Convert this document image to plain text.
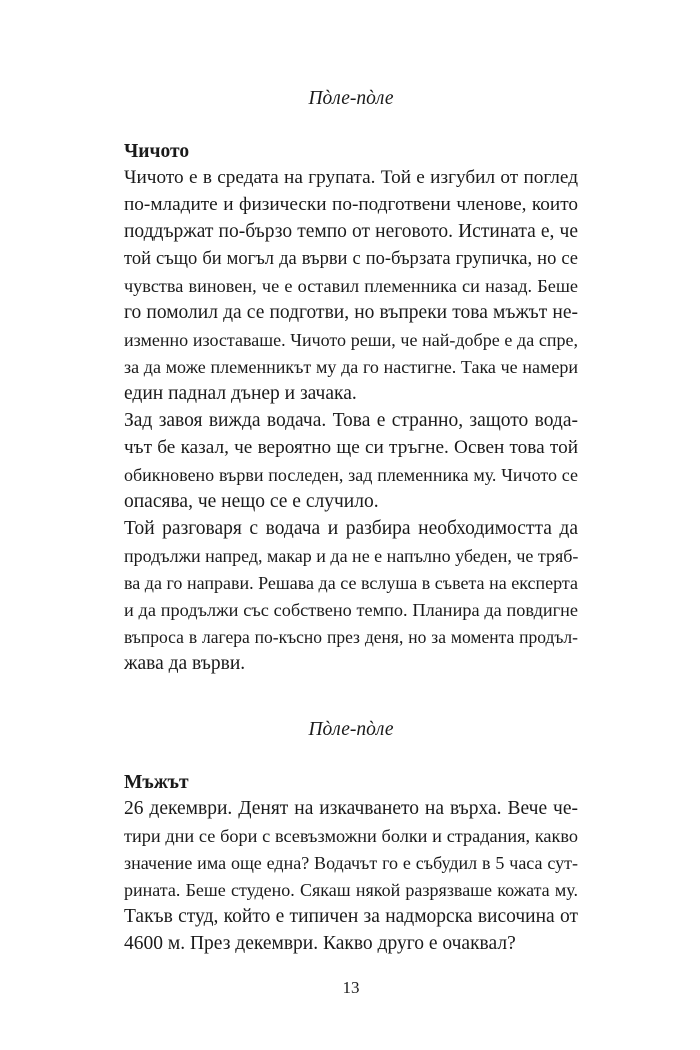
Пòле-пòле
Чичото
Чичото е в средата на групата. Той е изгубил от поглед
по-младите и физически по-подготвени членове, които
поддържат по-бързо темпо от неговото. Истината е, че
той също би могъл да върви с по-бързата групичка, но се
чувства виновен, че е оставил племенника си назад. Беше
го помолил да се подготви, но въпреки това мъжът не-
изменно изоставаше. Чичото реши, че най-добре е да спре,
за да може племенникът му да го настигне. Така че намери
един паднал дънер и зачака.
Зад завоя вижда водача. Това е странно, защото вода-
чът бе казал, че вероятно ще си тръгне. Освен това той
обикновено върви последен, зад племенника му. Чичото се
опасява, че нещо се е случило.
Той разговаря с водача и разбира необходимостта да
продължи напред, макар и да не е напълно убеден, че тряб-
ва да го направи. Решава да се вслуша в съвета на експерта
и да продължи със собствено темпо. Планира да повдигне
въпроса в лагера по-късно през деня, но за момента продъл-
жава да върви.
Пòле-пòле
Мъжът
26 декември. Денят на изкачването на върха. Вече че-
тири дни се бори с всевъзможни болки и страдания, какво
значение има още една? Водачът го е събудил в 5 часа сут-
рината. Беше студено. Сякаш някой разрязваше кожата му.
Такъв студ, който е типичен за надморска височина от
4600 м. През декември. Какво друго е очаквал?
13
